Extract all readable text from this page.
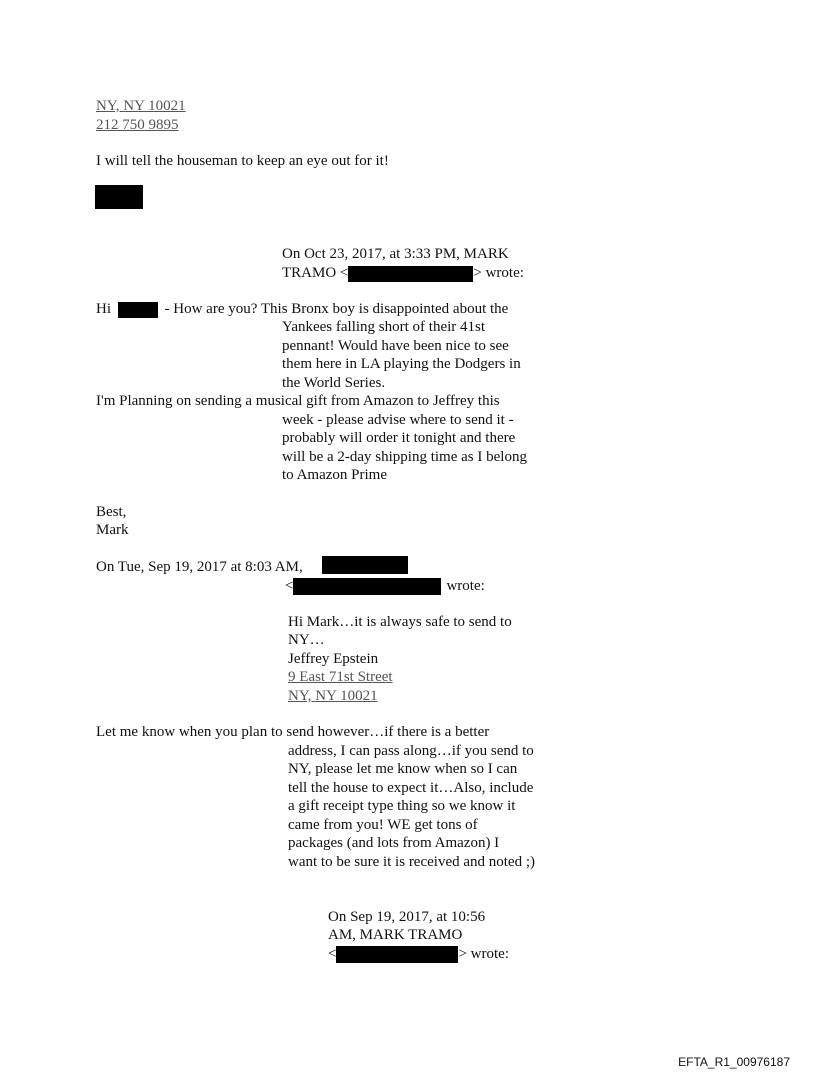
NY, NY 10021
212 750 9895
I will tell the houseman to keep an eye out for it!
On Oct 23, 2017, at 3:33 PM, MARK
TRAMO <	> wrote:
Hi	- How are you? This Bronx boy is disappointed about the
Yankees falling short of their 41st
pennant! Would have been nice to see
them here in LA playing the Dodgers in
the World Series.
I'm Planning on sending a musical gift from Amazon to Jeffrey this
week - please advise where to send it -
probably will order it tonight and there
will be a 2-day shipping time as I belong
to Amazon Prime
Best,
Mark
On Tue, Sep 19, 2017 at 8:03 AM,
<	wrote:
Hi Mark…it is always safe to send to
NY…
Jeffrey Epstein
9 East 71st Street
NY, NY 10021
Let me know when you plan to send however…if there is a better
address, I can pass along…if you send to
NY, please let me know when so I can
tell the house to expect it…Also, include
a gift receipt type thing so we know it
came from you! WE get tons of
packages (and lots from Amazon) I
want to be sure it is received and noted ;)
On Sep 19, 2017, at 10:56
AM, MARK TRAMO
<	> wrote:
EFTA_R1_00976187
